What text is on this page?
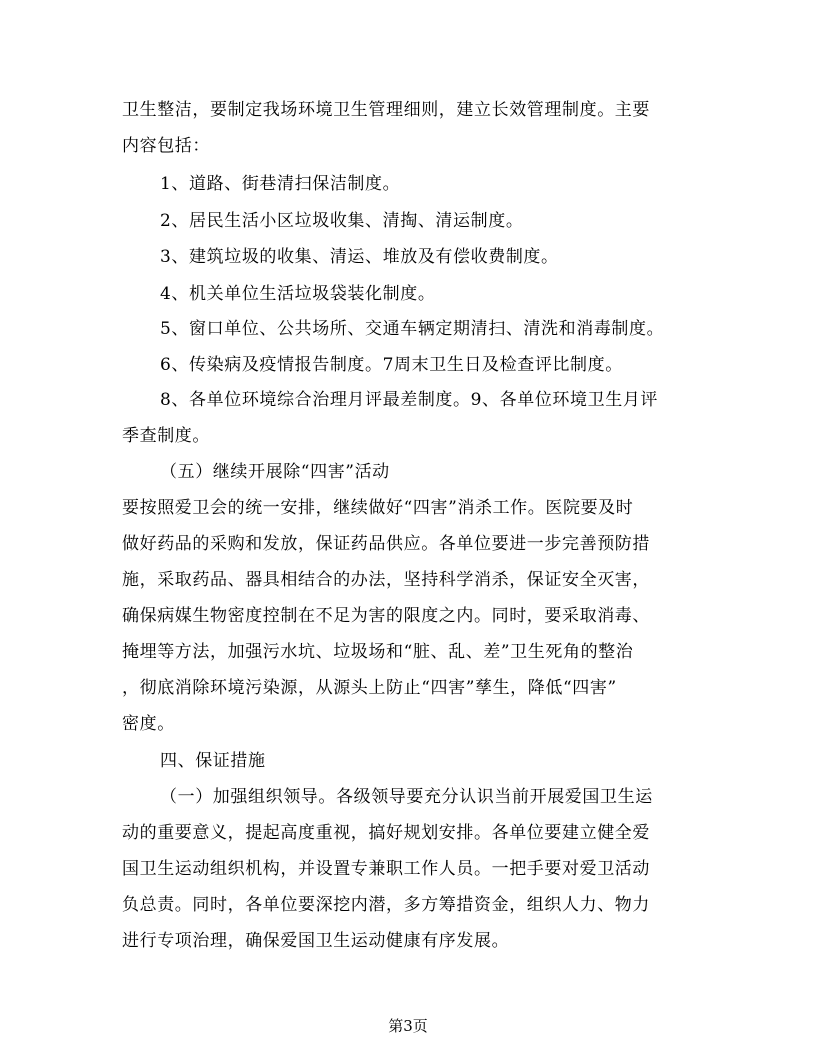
卫生整洁，要制定我场环境卫生管理细则，建立长效管理制度。主要
内容包括：
1、道路、街巷清扫保洁制度。
2、居民生活小区垃圾收集、清掏、清运制度。
3、建筑垃圾的收集、清运、堆放及有偿收费制度。
4、机关单位生活垃圾袋装化制度。
5、窗口单位、公共场所、交通车辆定期清扫、清洗和消毒制度。
6、传染病及疫情报告制度。7周末卫生日及检查评比制度。
8、各单位环境综合治理月评最差制度。9、各单位环境卫生月评
季查制度。
（五）继续开展除“四害”活动
要按照爱卫会的统一安排，继续做好“四害”消杀工作。医院要及时
做好药品的采购和发放，保证药品供应。各单位要进一步完善预防措
施，采取药品、器具相结合的办法，坚持科学消杀，保证安全灭害，
确保病媒生物密度控制在不足为害的限度之内。同时，要采取消毒、
掩埋等方法，加强污水坑、垃圾场和“脏、乱、差”卫生死角的整治
，彻底消除环境污染源，从源头上防止“四害”孳生，降低“四害”
密度。
四、保证措施
（一）加强组织领导。各级领导要充分认识当前开展爱国卫生运
动的重要意义，提起高度重视，搞好规划安排。各单位要建立健全爱
国卫生运动组织机构，并设置专兼职工作人员。一把手要对爱卫活动
负总责。同时，各单位要深挖内潜，多方筹措资金，组织人力、物力
进行专项治理，确保爱国卫生运动健康有序发展。
第3页
